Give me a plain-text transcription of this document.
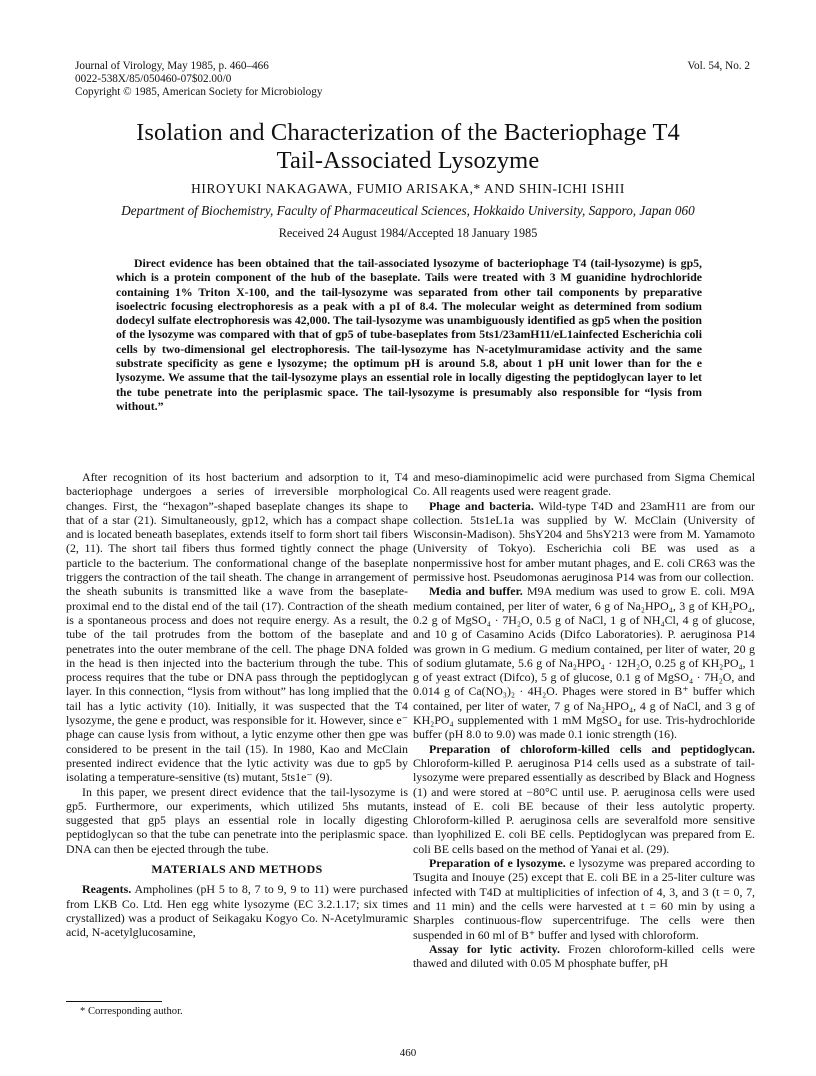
Journal of Virology, May 1985, p. 460–466
0022-538X/85/050460-07$02.00/0
Copyright © 1985, American Society for Microbiology
Vol. 54, No. 2
Isolation and Characterization of the Bacteriophage T4
Tail-Associated Lysozyme
HIROYUKI NAKAGAWA, FUMIO ARISAKA,* AND SHIN-ICHI ISHII
Department of Biochemistry, Faculty of Pharmaceutical Sciences, Hokkaido University, Sapporo, Japan 060
Received 24 August 1984/Accepted 18 January 1985

Direct evidence has been obtained that the tail-associated lysozyme of bacteriophage T4 (tail-lysozyme) is gp5, which is a protein component of the hub of the baseplate. Tails were treated with 3 M guanidine hydrochloride containing 1% Triton X-100, and the tail-lysozyme was separated from other tail components by preparative isoelectric focusing electrophoresis as a peak with a pI of 8.4. The molecular weight as determined from sodium dodecyl sulfate electrophoresis was 42,000. The tail-lysozyme was unambiguously identified as gp5 when the position of the lysozyme was compared with that of gp5 of tube-baseplates from 5ts1/23amH11/eL1ainfected Escherichia coli cells by two-dimensional gel electrophoresis. The tail-lysozyme has N-acetylmuramidase activity and the same substrate specificity as gene e lysozyme; the optimum pH is around 5.8, about 1 pH unit lower than for the e lysozyme. We assume that the tail-lysozyme plays an essential role in locally digesting the peptidoglycan layer to let the tube penetrate into the periplasmic space. The tail-lysozyme is presumably also responsible for “lysis from without.”

After recognition of its host bacterium and adsorption to it, T4 bacteriophage undergoes a series of irreversible morphological changes. First, the “hexagon”-shaped baseplate changes its shape to that of a star (21). Simultaneously, gp12, which has a compact shape and is located beneath baseplates, extends itself to form short tail fibers (2, 11). The short tail fibers thus formed tightly connect the phage particle to the bacterium. The conformational change of the baseplate triggers the contraction of the tail sheath. The change in arrangement of the sheath subunits is transmitted like a wave from the baseplate-proximal end to the distal end of the tail (17). Contraction of the sheath is a spontaneous process and does not require energy. As a result, the tube of the tail protrudes from the bottom of the baseplate and penetrates into the outer membrane of the cell. The phage DNA folded in the head is then injected into the bacterium through the tube. This process requires that the tube or DNA pass through the peptidoglycan layer. In this connection, “lysis from without” has long implied that the tail has a lytic activity (10). Initially, it was suspected that the T4 lysozyme, the gene e product, was responsible for it. However, since e⁻ phage can cause lysis from without, a lytic enzyme other then gpe was considered to be present in the tail (15). In 1980, Kao and McClain presented indirect evidence that the lytic activity was due to gp5 by isolating a temperature-sensitive (ts) mutant, 5ts1e⁻ (9).

In this paper, we present direct evidence that the tail-lysozyme is gp5. Furthermore, our experiments, which utilized 5hs mutants, suggested that gp5 plays an essential role in locally digesting peptidoglycan so that the tube can penetrate into the periplasmic space. DNA can then be ejected through the tube.

MATERIALS AND METHODS

Reagents. Ampholines (pH 5 to 8, 7 to 9, 9 to 11) were purchased from LKB Co. Ltd. Hen egg white lysozyme (EC 3.2.1.17; six times crystallized) was a product of Seikagaku Kogyo Co. N-Acetylmuramic acid, N-acetylglucosamine,

and meso-diaminopimelic acid were purchased from Sigma Chemical Co. All reagents used were reagent grade.

Phage and bacteria. Wild-type T4D and 23amH11 are from our collection. 5ts1eL1a was supplied by W. McClain (University of Wisconsin-Madison). 5hsY204 and 5hsY213 were from M. Yamamoto (University of Tokyo). Escherichia coli BE was used as a nonpermissive host for amber mutant phages, and E. coli CR63 was the permissive host. Pseudomonas aeruginosa P14 was from our collection.

Media and buffer. M9A medium was used to grow E. coli. M9A medium contained, per liter of water, 6 g of Na₂HPO₄, 3 g of KH₂PO₄, 0.2 g of MgSO₄ · 7H₂O, 0.5 g of NaCl, 1 g of NH₄Cl, 4 g of glucose, and 10 g of Casamino Acids (Difco Laboratories). P. aeruginosa P14 was grown in G medium. G medium contained, per liter of water, 20 g of sodium glutamate, 5.6 g of Na₂HPO₄ · 12H₂O, 0.25 g of KH₂PO₄, 1 g of yeast extract (Difco), 5 g of glucose, 0.1 g of MgSO₄ · 7H₂O, and 0.014 g of Ca(NO₃)₂ · 4H₂O. Phages were stored in B⁺ buffer which contained, per liter of water, 7 g of Na₂HPO₄, 4 g of NaCl, and 3 g of KH₂PO₄ supplemented with 1 mM MgSO₄ for use. Tris-hydrochloride buffer (pH 8.0 to 9.0) was made 0.1 ionic strength (16).

Preparation of chloroform-killed cells and peptidoglycan. Chloroform-killed P. aeruginosa P14 cells used as a substrate of tail-lysozyme were prepared essentially as described by Black and Hogness (1) and were stored at −80°C until use. P. aeruginosa cells were used instead of E. coli BE because of their less autolytic property. Chloroform-killed P. aeruginosa cells are severalfold more sensitive than lyophilized E. coli BE cells. Peptidoglycan was prepared from E. coli BE cells based on the method of Yanai et al. (29).

Preparation of e lysozyme. e lysozyme was prepared according to Tsugita and Inouye (25) except that E. coli BE in a 25-liter culture was infected with T4D at multiplicities of infection of 4, 3, and 3 (t = 0, 7, and 11 min) and the cells were harvested at t = 60 min by using a Sharples continuous-flow supercentrifuge. The cells were then suspended in 60 ml of B⁺ buffer and lysed with chloroform.

Assay for lytic activity. Frozen chloroform-killed cells were thawed and diluted with 0.05 M phosphate buffer, pH

* Corresponding author.
460
